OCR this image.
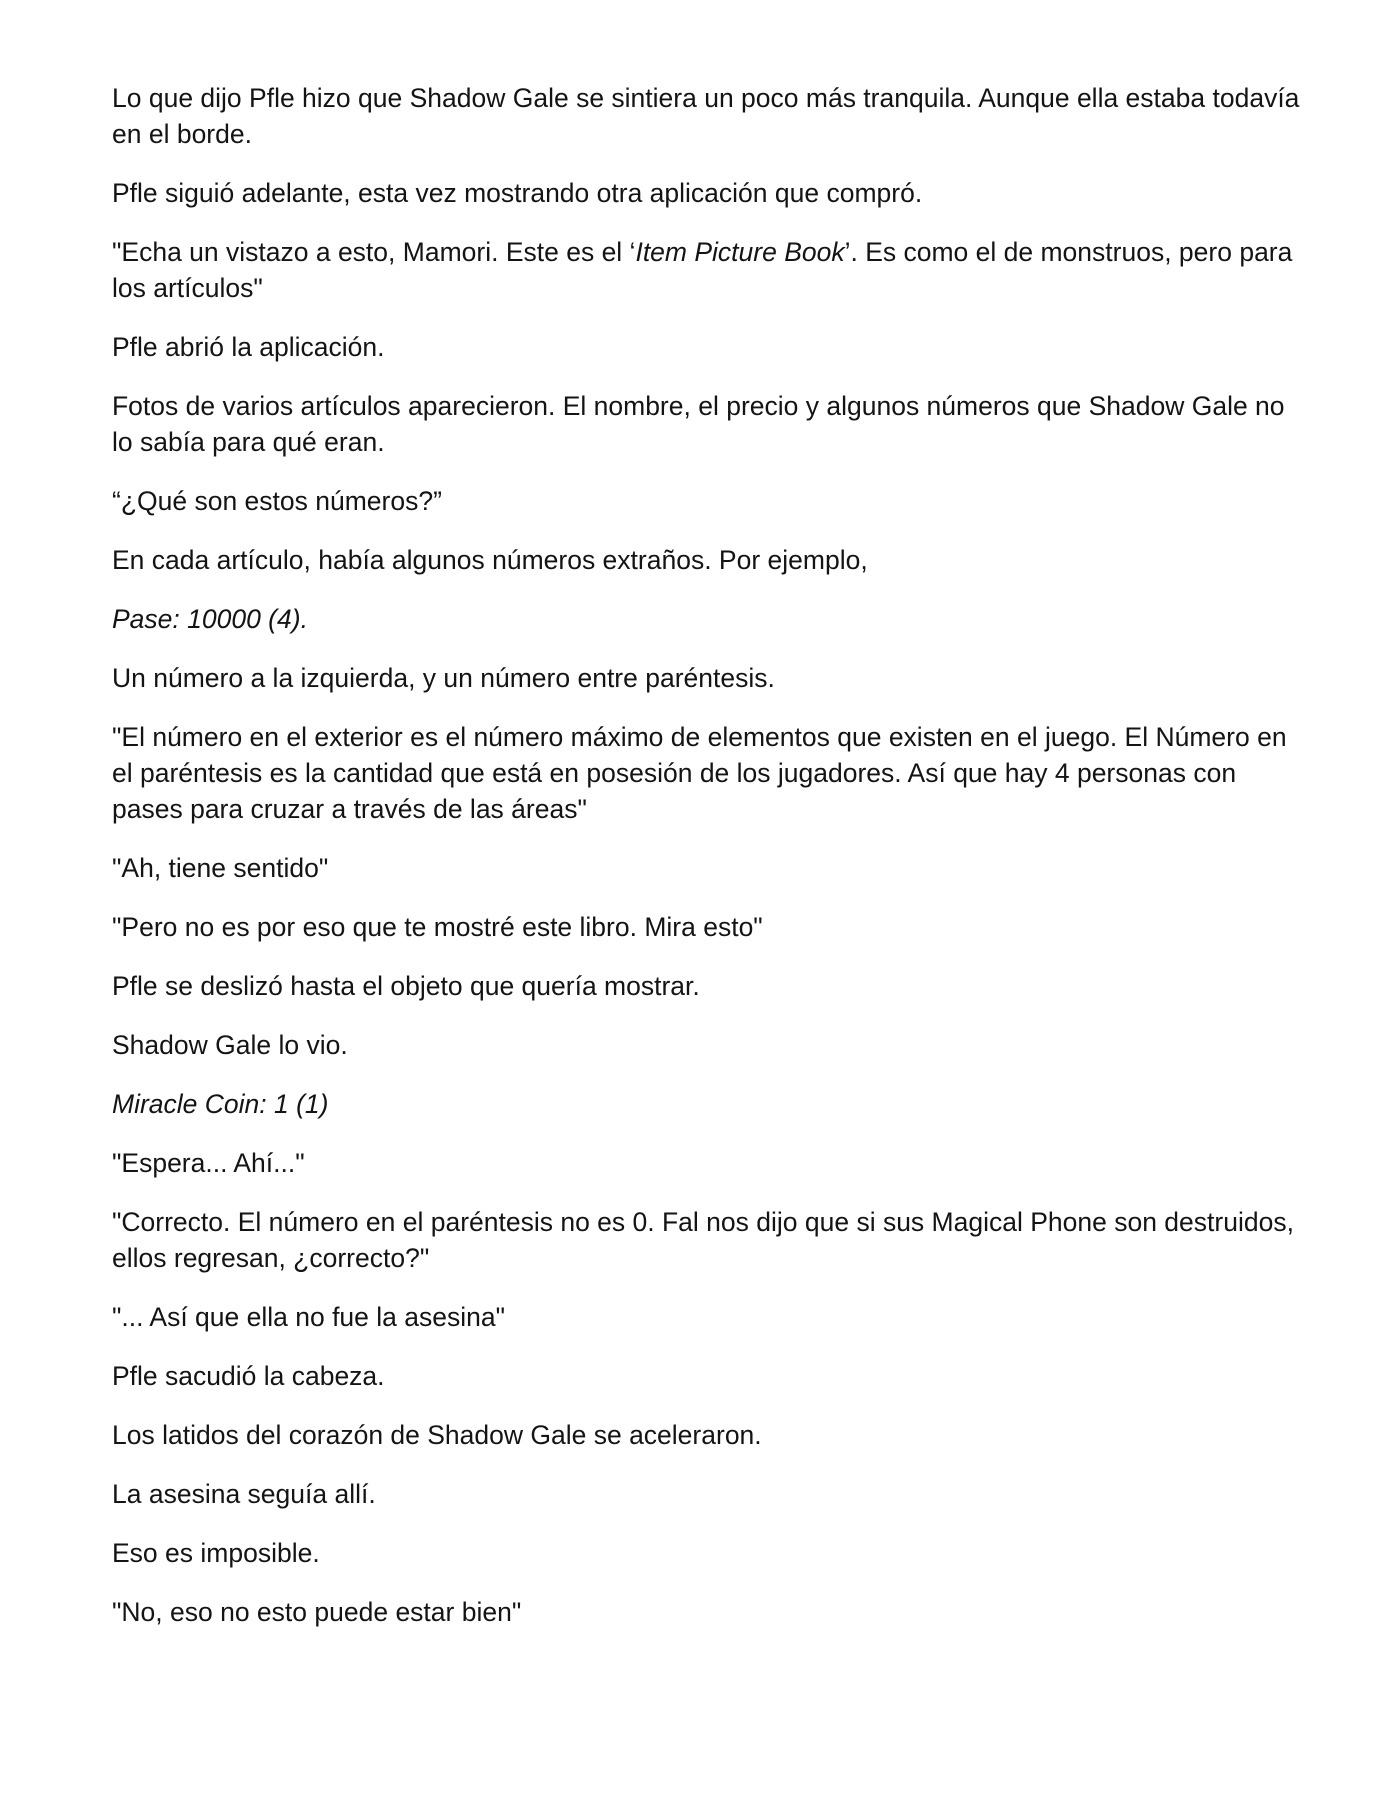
Lo que dijo Pfle hizo que Shadow Gale se sintiera un poco más tranquila. Aunque ella estaba todavía en el borde.

Pfle siguió adelante, esta vez mostrando otra aplicación que compró.

"Echa un vistazo a esto, Mamori. Este es el ‘Item Picture Book’. Es como el de monstruos, pero para los artículos"

Pfle abrió la aplicación.

Fotos de varios artículos aparecieron. El nombre, el precio y algunos números que Shadow Gale no lo sabía para qué eran.

“¿Qué son estos números?”

En cada artículo, había algunos números extraños. Por ejemplo,

Pase: 10000 (4).

Un número a la izquierda, y un número entre paréntesis.

"El número en el exterior es el número máximo de elementos que existen en el juego. El Número en el paréntesis es la cantidad que está en posesión de los jugadores. Así que hay 4 personas con pases para cruzar a través de las áreas"

"Ah, tiene sentido"

"Pero no es por eso que te mostré este libro. Mira esto"

Pfle se deslizó hasta el objeto que quería mostrar.

Shadow Gale lo vio.

Miracle Coin: 1 (1)

"Espera... Ahí..."

"Correcto. El número en el paréntesis no es 0. Fal nos dijo que si sus Magical Phone son destruidos, ellos regresan, ¿correcto?"

"... Así que ella no fue la asesina"

Pfle sacudió la cabeza.

Los latidos del corazón de Shadow Gale se aceleraron.

La asesina seguía allí.

Eso es imposible.

"No, eso no esto puede estar bien"
